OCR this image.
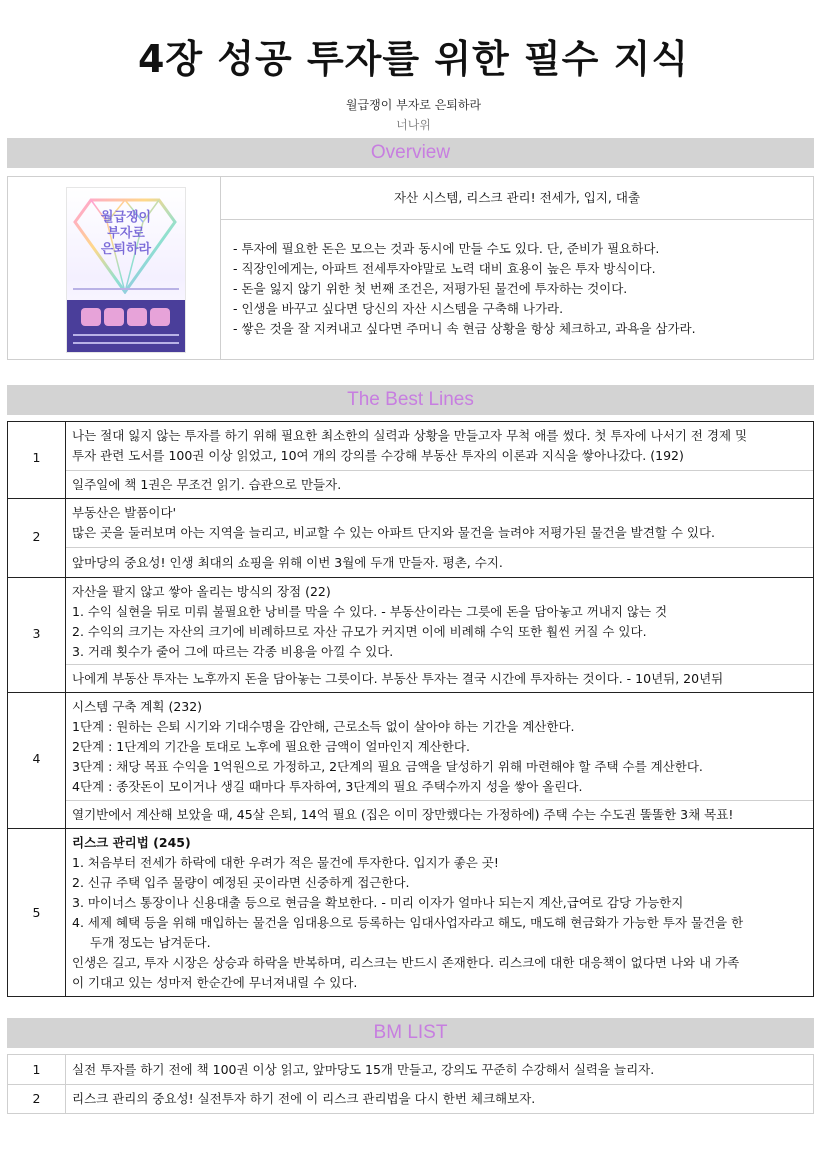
4장 성공 투자를 위한 필수 지식
월급쟁이 부자로 은퇴하라
너나위
Overview
월급쟁이
부자로
은퇴하라
자산 시스템, 리스크 관리! 전세가, 입지, 대출
- 투자에 필요한 돈은 모으는 것과 동시에 만들 수도 있다. 단, 준비가 필요하다.
- 직장인에게는, 아파트 전세투자야말로 노력 대비 효용이 높은 투자 방식이다.
- 돈을 잃지 않기 위한 첫 번째 조건은, 저평가된 물건에 투자하는 것이다.
- 인생을 바꾸고 싶다면 당신의 자산 시스템을 구축해 나가라.
- 쌓은 것을 잘 지켜내고 싶다면 주머니 속 현금 상황을 항상 체크하고, 과욕을 삼가라.
The Best Lines
1
나는 절대 잃지 않는 투자를 하기 위해 필요한 최소한의 실력과 상황을 만들고자 무척 애를 썼다. 첫 투자에 나서기 전 경제 및
투자 관련 도서를 100권 이상 읽었고, 10여 개의 강의를 수강해 부동산 투자의 이론과 지식을 쌓아나갔다. (192)
일주일에 책 1권은 무조건 읽기. 습관으로 만들자.
2
부동산은 발품이다'
많은 곳을 둘러보며 아는 지역을 늘리고, 비교할 수 있는 아파트 단지와 물건을 늘려야 저평가된 물건을 발견할 수 있다.
앞마당의 중요성! 인생 최대의 쇼핑을 위해 이번 3월에 두개 만들자. 평촌, 수지.
3
자산을 팔지 않고 쌓아 올리는 방식의 장점 (22)
1. 수익 실현을 뒤로 미뤄 불필요한 낭비를 막을 수 있다. - 부동산이라는 그릇에 돈을 담아놓고 꺼내지 않는 것
2. 수익의 크기는 자산의 크기에 비례하므로 자산 규모가 커지면 이에 비례해 수익 또한 훨씬 커질 수 있다.
3. 거래 횟수가 줄어 그에 따르는 각종 비용을 아낄 수 있다.
나에게 부동산 투자는 노후까지 돈을 담아놓는 그릇이다. 부동산 투자는 결국 시간에 투자하는 것이다. - 10년뒤, 20년뒤
4
시스템 구축 계획 (232)
1단계 : 원하는 은퇴 시기와 기대수명을 감안해, 근로소득 없이 살아야 하는 기간을 계산한다.
2단계 : 1단계의 기간을 토대로 노후에 필요한 금액이 얼마인지 계산한다.
3단계 : 채당 목표 수익을 1억원으로 가정하고, 2단계의 필요 금액을 달성하기 위해 마련해야 할 주택 수를 계산한다.
4단계 : 종잣돈이 모이거나 생길 때마다 투자하여, 3단계의 필요 주택수까지 성을 쌓아 올린다.
열기반에서 계산해 보았을 때, 45살 은퇴, 14억 필요 (집은 이미 장만했다는 가정하에) 주택 수는 수도권 똘똘한 3채 목표!
5
리스크 관리법 (245)
1. 처음부터 전세가 하락에 대한 우려가 적은 물건에 투자한다. 입지가 좋은 곳!
2. 신규 주택 입주 물량이 예정된 곳이라면 신중하게 접근한다.
3. 마이너스 통장이나 신용대출 등으로 현금을 확보한다. - 미리 이자가 얼마나 되는지 계산,급여로 감당 가능한지
4. 세제 혜택 등을 위해 매입하는 물건을 임대용으로 등록하는 임대사업자라고 해도, 매도해 현금화가 가능한 투자 물건을 한
두개 정도는 남겨둔다.
인생은 길고, 투자 시장은 상승과 하락을 반복하며, 리스크는 반드시 존재한다. 리스크에 대한 대응책이 없다면 나와 내 가족
이 기대고 있는 성마저 한순간에 무너져내릴 수 있다.
BM LIST
1	실전 투자를 하기 전에 책 100권 이상 읽고, 앞마당도 15개 만들고, 강의도 꾸준히 수강해서 실력을 늘리자.
2	리스크 관리의 중요성! 실전투자 하기 전에 이 리스크 관리법을 다시 한번 체크해보자.
